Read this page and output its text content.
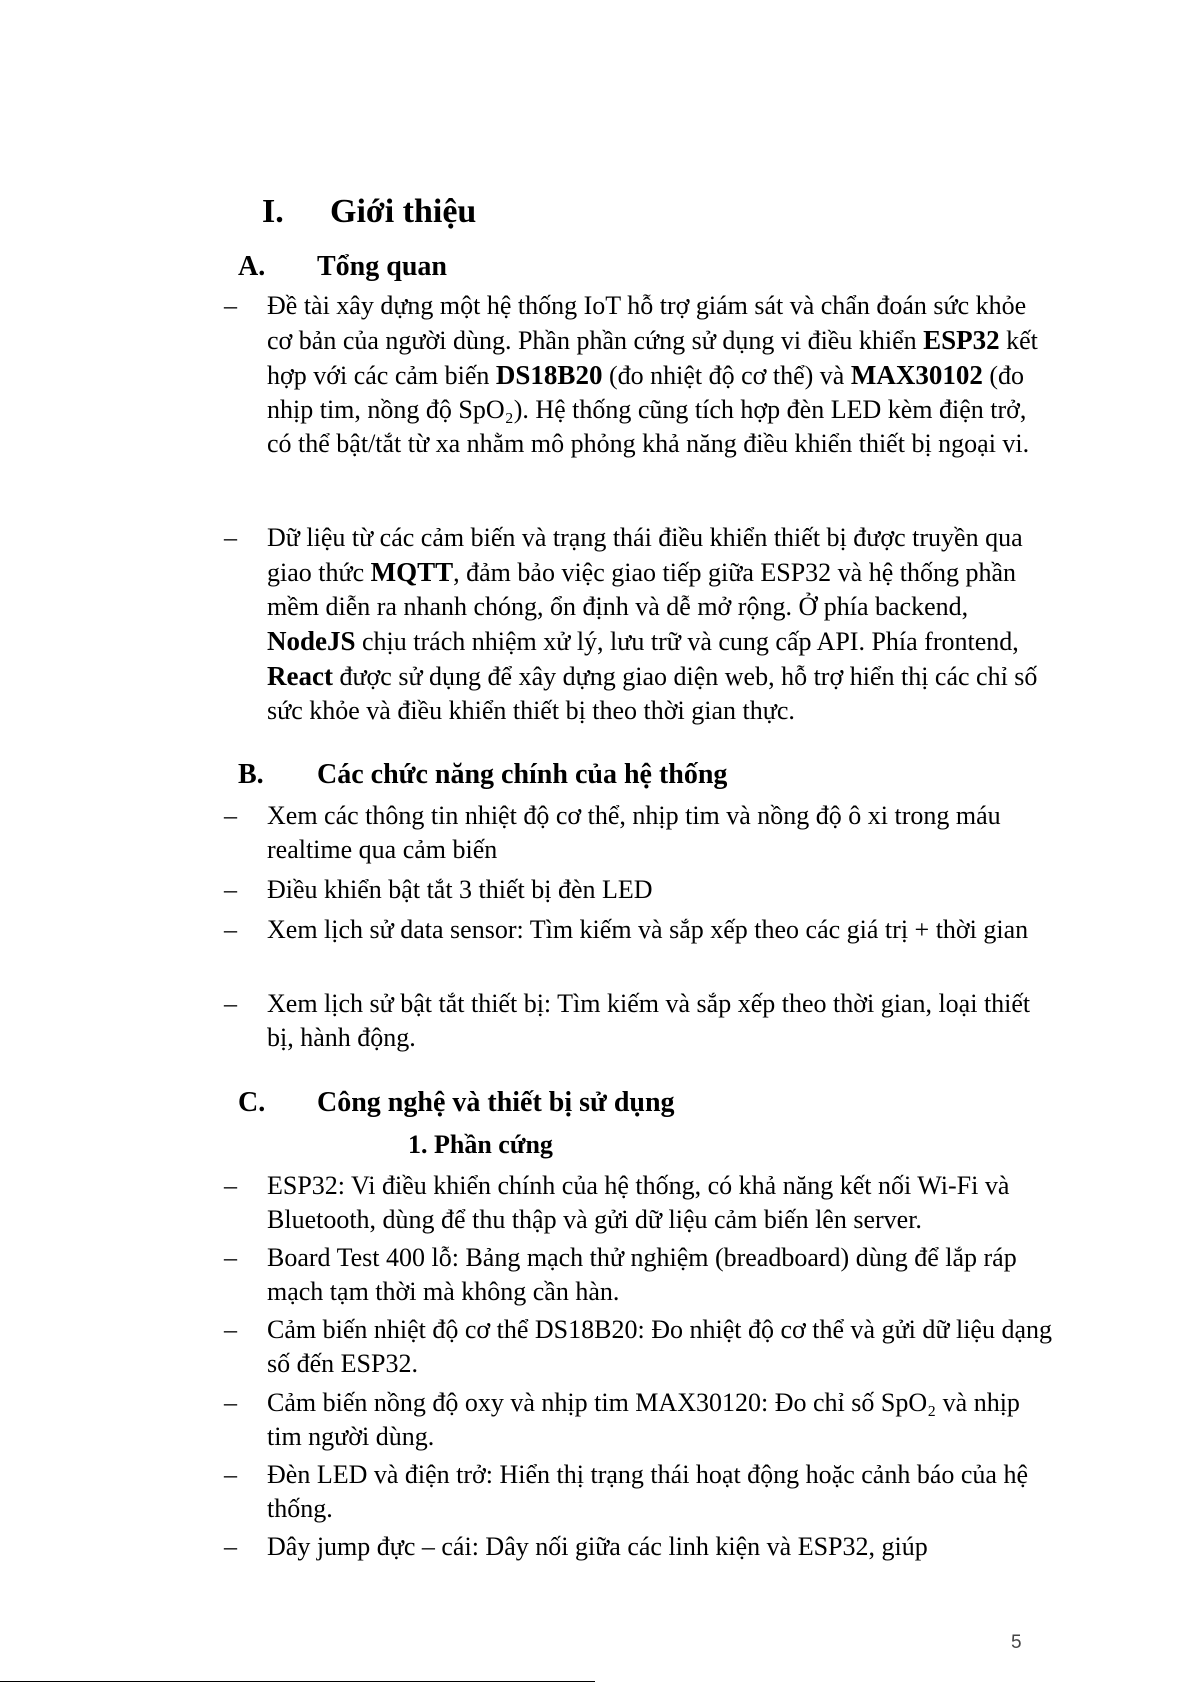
I. Giới thiệu
A. Tổng quan
– Đề tài xây dựng một hệ thống IoT hỗ trợ giám sát và chẩn đoán sức khỏe cơ bản của người dùng. Phần phần cứng sử dụng vi điều khiển ESP32 kết hợp với các cảm biến DS18B20 (đo nhiệt độ cơ thể) và MAX30102 (đo nhịp tim, nồng độ SpO₂). Hệ thống cũng tích hợp đèn LED kèm điện trở, có thể bật/tắt từ xa nhằm mô phỏng khả năng điều khiển thiết bị ngoại vi.
– Dữ liệu từ các cảm biến và trạng thái điều khiển thiết bị được truyền qua giao thức MQTT, đảm bảo việc giao tiếp giữa ESP32 và hệ thống phần mềm diễn ra nhanh chóng, ổn định và dễ mở rộng. Ở phía backend, NodeJS chịu trách nhiệm xử lý, lưu trữ và cung cấp API. Phía frontend, React được sử dụng để xây dựng giao diện web, hỗ trợ hiển thị các chỉ số sức khỏe và điều khiển thiết bị theo thời gian thực.
B. Các chức năng chính của hệ thống
– Xem các thông tin nhiệt độ cơ thể, nhịp tim và nồng độ ô xi trong máu realtime qua cảm biến
– Điều khiển bật tắt 3 thiết bị đèn LED
– Xem lịch sử data sensor: Tìm kiếm và sắp xếp theo các giá trị + thời gian
– Xem lịch sử bật tắt thiết bị: Tìm kiếm và sắp xếp theo thời gian, loại thiết bị, hành động.
C. Công nghệ và thiết bị sử dụng
1. Phần cứng
– ESP32: Vi điều khiển chính của hệ thống, có khả năng kết nối Wi-Fi và Bluetooth, dùng để thu thập và gửi dữ liệu cảm biến lên server.
– Board Test 400 lỗ: Bảng mạch thử nghiệm (breadboard) dùng để lắp ráp mạch tạm thời mà không cần hàn.
– Cảm biến nhiệt độ cơ thể DS18B20: Đo nhiệt độ cơ thể và gửi dữ liệu dạng số đến ESP32.
– Cảm biến nồng độ oxy và nhịp tim MAX30120: Đo chỉ số SpO₂ và nhịp tim người dùng.
– Đèn LED và điện trở: Hiển thị trạng thái hoạt động hoặc cảnh báo của hệ thống.
– Dây jump đực – cái: Dây nối giữa các linh kiện và ESP32, giúp
5
